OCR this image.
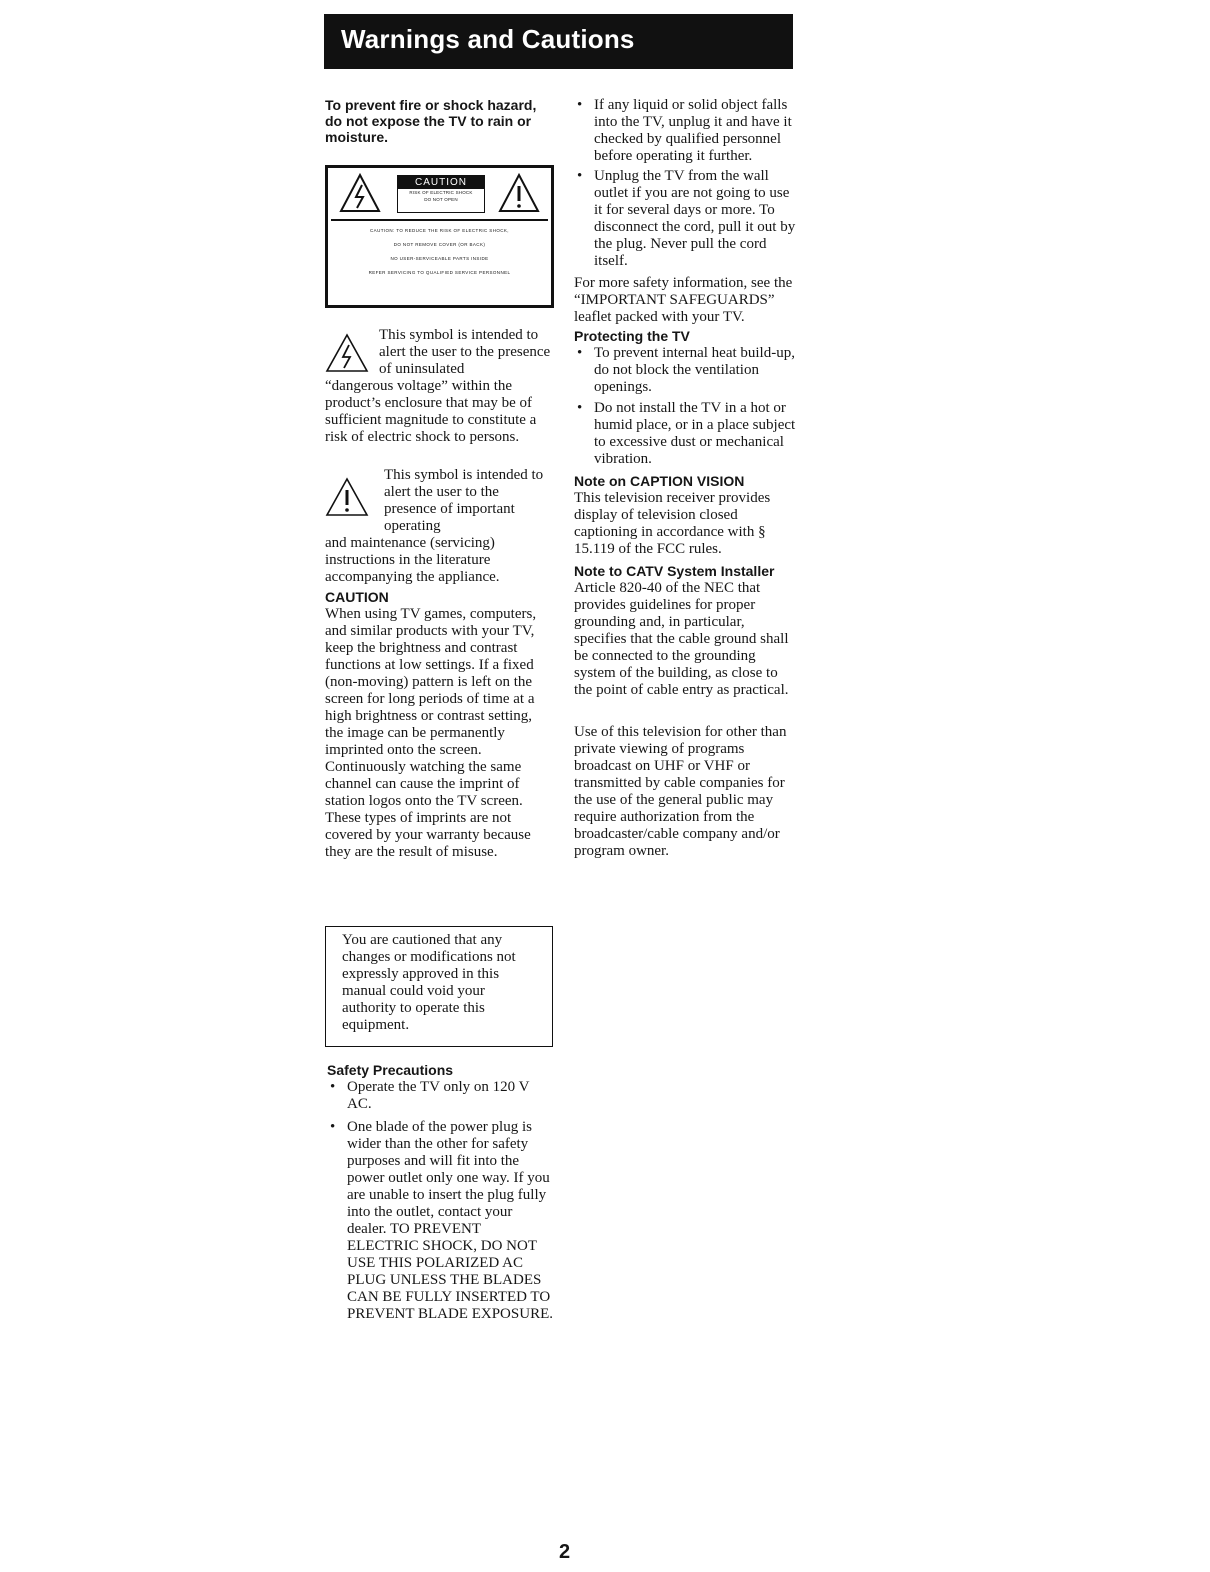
Warnings and Cautions

To prevent fire or shock hazard, do not expose the TV to rain or moisture.

CAUTION
RISK OF ELECTRIC SHOCK
DO NOT OPEN

CAUTION: TO REDUCE THE RISK OF ELECTRIC SHOCK,

DO NOT REMOVE COVER (OR BACK)

NO USER-SERVICEABLE PARTS INSIDE

REFER SERVICING TO QUALIFIED SERVICE PERSONNEL

This symbol is intended to alert the user to the presence of uninsulated

“dangerous voltage” within the product’s enclosure that may be of sufficient magnitude to constitute a risk of electric shock to persons.

This symbol is intended to alert the user to the presence of important operating

and maintenance (servicing) instructions in the literature accompanying the appliance.

CAUTION

When using TV games, computers, and similar products with your TV, keep the brightness and contrast functions at low settings. If a fixed (non-moving) pattern is left on the screen for long periods of time at a high brightness or contrast setting, the image can be permanently imprinted onto the screen. Continuously watching the same channel can cause the imprint of station logos onto the TV screen. These types of imprints are not covered by your warranty because they are the result of misuse.

You are cautioned that any changes or modifications not expressly approved in this manual could void your authority to operate this equipment.

Safety Precautions

• Operate the TV only on 120 V AC.
• One blade of the power plug is wider than the other for safety purposes and will fit into the power outlet only one way. If you are unable to insert the plug fully into the outlet, contact your dealer. TO PREVENT ELECTRIC SHOCK, DO NOT USE THIS POLARIZED AC PLUG UNLESS THE BLADES CAN BE FULLY INSERTED TO PREVENT BLADE EXPOSURE.
• If any liquid or solid object falls into the TV, unplug it and have it checked by qualified personnel before operating it further.
• Unplug the TV from the wall outlet if you are not going to use it for several days or more. To disconnect the cord, pull it out by the plug. Never pull the cord itself.

For more safety information, see the “IMPORTANT SAFEGUARDS” leaflet packed with your TV.

Protecting the TV

• To prevent internal heat build-up, do not block the ventilation openings.
• Do not install the TV in a hot or humid place, or in a place subject to excessive dust or mechanical vibration.

Note on CAPTION VISION

This television receiver provides display of television closed captioning in accordance with § 15.119 of the FCC rules.

Note to CATV System Installer

Article 820-40 of the NEC that provides guidelines for proper grounding and, in particular, specifies that the cable ground shall be connected to the grounding system of the building, as close to the point of cable entry as practical.

Use of this television for other than private viewing of programs broadcast on UHF or VHF or transmitted by cable companies for the use of the general public may require authorization from the broadcaster/cable company and/or program owner.

2
